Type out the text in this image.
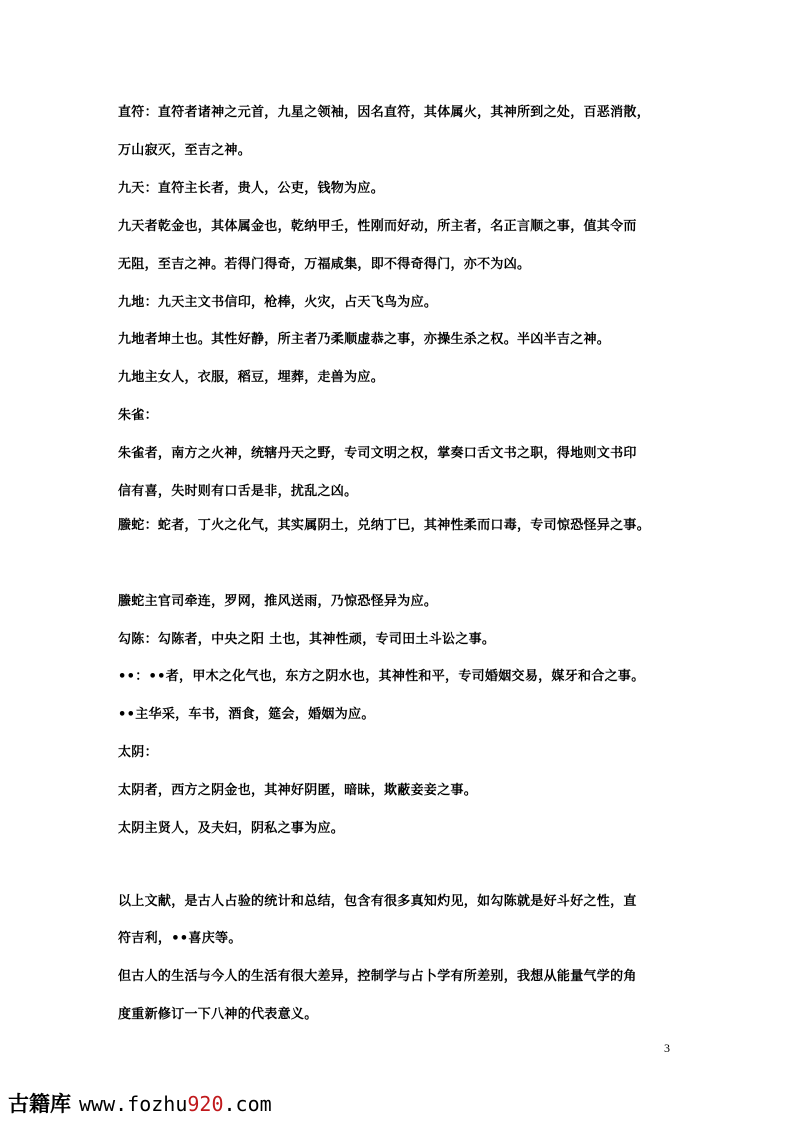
直符：直符者诸神之元首，九星之领袖，因名直符，其体属火，其神所到之处，百恶消散，
万山寂灭，至吉之神。
九天：直符主长者，贵人，公吏，钱物为应。
九天者乾金也，其体属金也，乾纳甲壬，性刚而好动，所主者，名正言顺之事，值其令而
无阻，至吉之神。若得门得奇，万福咸集，即不得奇得门，亦不为凶。
九地：九天主文书信印，枪棒，火灾，占天飞鸟为应。
九地者坤土也。其性好静，所主者乃柔顺虚恭之事，亦操生杀之权。半凶半吉之神。
九地主女人，衣服，稻豆，埋葬，走兽为应。
朱雀：
朱雀者，南方之火神，统辖丹天之野，专司文明之权，掌奏口舌文书之职，得地则文书印
信有喜，失时则有口舌是非，扰乱之凶。
螣蛇：蛇者，丁火之化气，其实属阴土，兑纳丁巳，其神性柔而口毒，专司惊恐怪异之事。
螣蛇主官司牵连，罗网，推风送雨，乃惊恐怪异为应。
勾陈：勾陈者，中央之阳 土也，其神性顽，专司田土斗讼之事。
••：••者，甲木之化气也，东方之阴水也，其神性和平，专司婚姻交易，媒牙和合之事。
••主华采，车书，酒食，筵会，婚姻为应。
太阴：
太阴者，西方之阴金也，其神好阴匿，暗昧，欺蔽妾妾之事。
太阴主贤人，及夫妇，阴私之事为应。
以上文献，是古人占验的统计和总结，包含有很多真知灼见，如勾陈就是好斗好之性，直
符吉利，••喜庆等。
但古人的生活与今人的生活有很大差异，控制学与占卜学有所差别，我想从能量气学的角
度重新修订一下八神的代表意义。
3
古籍库 www.fozhu 920 .com
